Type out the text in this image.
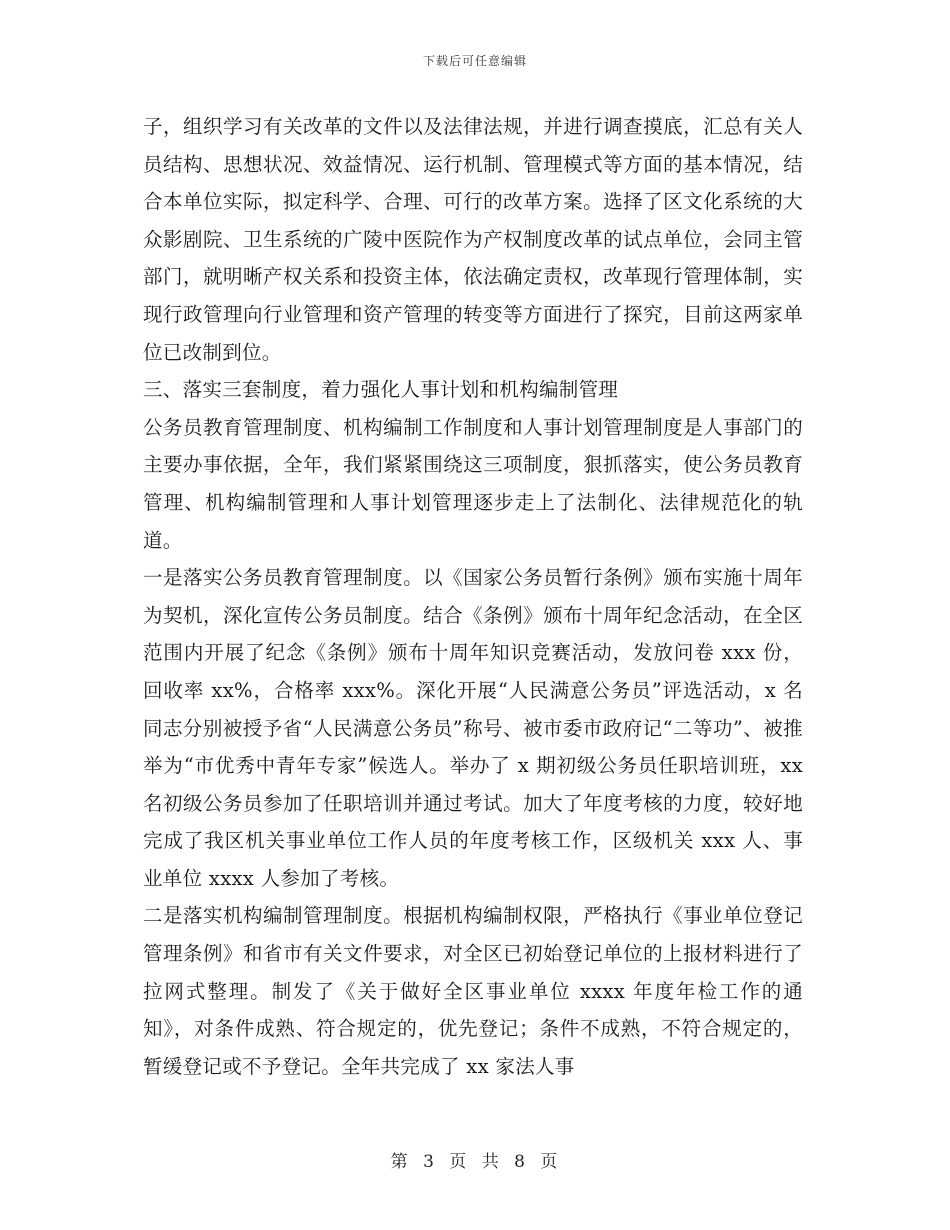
下载后可任意编辑

子，组织学习有关改革的文件以及法律法规，并进行调查摸底，汇总有关人员结构、思想状况、效益情况、运行机制、管理模式等方面的基本情况，结合本单位实际，拟定科学、合理、可行的改革方案。选择了区文化系统的大众影剧院、卫生系统的广陵中医院作为产权制度改革的试点单位，会同主管部门，就明晰产权关系和投资主体，依法确定责权，改革现行管理体制，实现行政管理向行业管理和资产管理的转变等方面进行了探究，目前这两家单位已改制到位。

三、落实三套制度，着力强化人事计划和机构编制管理

公务员教育管理制度、机构编制工作制度和人事计划管理制度是人事部门的主要办事依据，全年，我们紧紧围绕这三项制度，狠抓落实，使公务员教育管理、机构编制管理和人事计划管理逐步走上了法制化、法律规范化的轨道。

一是落实公务员教育管理制度。以《国家公务员暂行条例》颁布实施十周年为契机，深化宣传公务员制度。结合《条例》颁布十周年纪念活动，在全区范围内开展了纪念《条例》颁布十周年知识竞赛活动，发放问卷 xxx 份，回收率 xx%，合格率 xxx%。深化开展“人民满意公务员”评选活动，x 名同志分别被授予省“人民满意公务员”称号、被市委市政府记“二等功”、被推举为“市优秀中青年专家”候选人。举办了 x 期初级公务员任职培训班，xx 名初级公务员参加了任职培训并通过考试。加大了年度考核的力度，较好地完成了我区机关事业单位工作人员的年度考核工作，区级机关 xxx 人、事业单位 xxxx 人参加了考核。

二是落实机构编制管理制度。根据机构编制权限，严格执行《事业单位登记管理条例》和省市有关文件要求，对全区已初始登记单位的上报材料进行了拉网式整理。制发了《关于做好全区事业单位 xxxx 年度年检工作的通知》，对条件成熟、符合规定的，优先登记；条件不成熟，不符合规定的，暂缓登记或不予登记。全年共完成了 xx 家法人事

第 3 页 共 8 页
